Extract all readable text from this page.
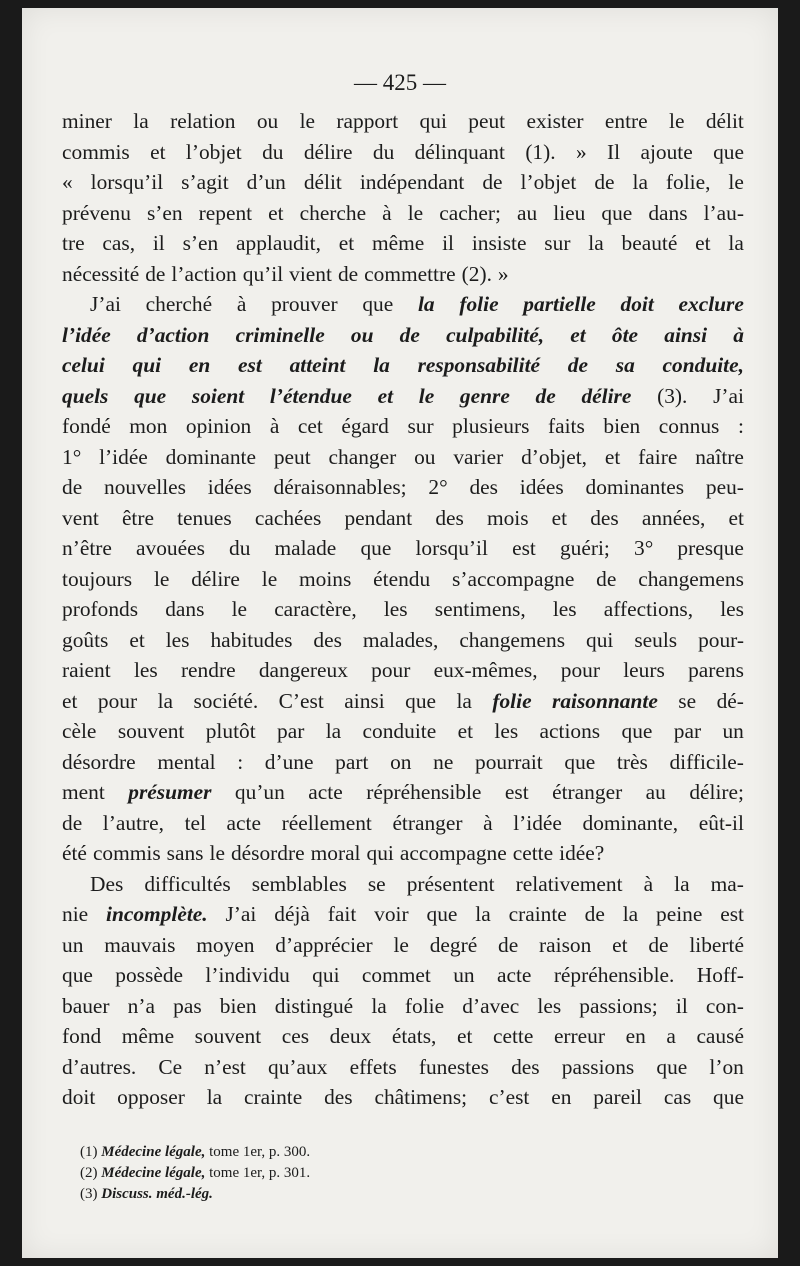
— 425 —
miner la relation ou le rapport qui peut exister entre le délit
commis et l’objet du délire du délinquant (1). » Il ajoute que
« lorsqu’il s’agit d’un délit indépendant de l’objet de la folie, le
prévenu s’en repent et cherche à le cacher; au lieu que dans l’au-
tre cas, il s’en applaudit, et même il insiste sur la beauté et la
nécessité de l’action qu’il vient de commettre (2). »
J’ai cherché à prouver que la folie partielle doit exclure
l’idée d’action criminelle ou de culpabilité, et ôte ainsi à
celui qui en est atteint la responsabilité de sa conduite,
quels que soient l’étendue et le genre de délire (3). J’ai
fondé mon opinion à cet égard sur plusieurs faits bien connus :
1° l’idée dominante peut changer ou varier d’objet, et faire naître
de nouvelles idées déraisonnables; 2° des idées dominantes peu-
vent être tenues cachées pendant des mois et des années, et
n’être avouées du malade que lorsqu’il est guéri; 3° presque
toujours le délire le moins étendu s’accompagne de changemens
profonds dans le caractère, les sentimens, les affections, les
goûts et les habitudes des malades, changemens qui seuls pour-
raient les rendre dangereux pour eux-mêmes, pour leurs parens
et pour la société. C’est ainsi que la folie raisonnante se dé-
cèle souvent plutôt par la conduite et les actions que par un
désordre mental : d’une part on ne pourrait que très difficile-
ment présumer qu’un acte répréhensible est étranger au délire;
de l’autre, tel acte réellement étranger à l’idée dominante, eût-il
été commis sans le désordre moral qui accompagne cette idée?
Des difficultés semblables se présentent relativement à la ma-
nie incomplète. J’ai déjà fait voir que la crainte de la peine est
un mauvais moyen d’apprécier le degré de raison et de liberté
que possède l’individu qui commet un acte répréhensible. Hoff-
bauer n’a pas bien distingué la folie d’avec les passions; il con-
fond même souvent ces deux états, et cette erreur en a causé
d’autres. Ce n’est qu’aux effets funestes des passions que l’on
doit opposer la crainte des châtimens; c’est en pareil cas que
(1) Médecine légale, tome 1er, p. 300.
(2) Médecine légale, tome 1er, p. 301.
(3) Discuss. méd.-lég.
